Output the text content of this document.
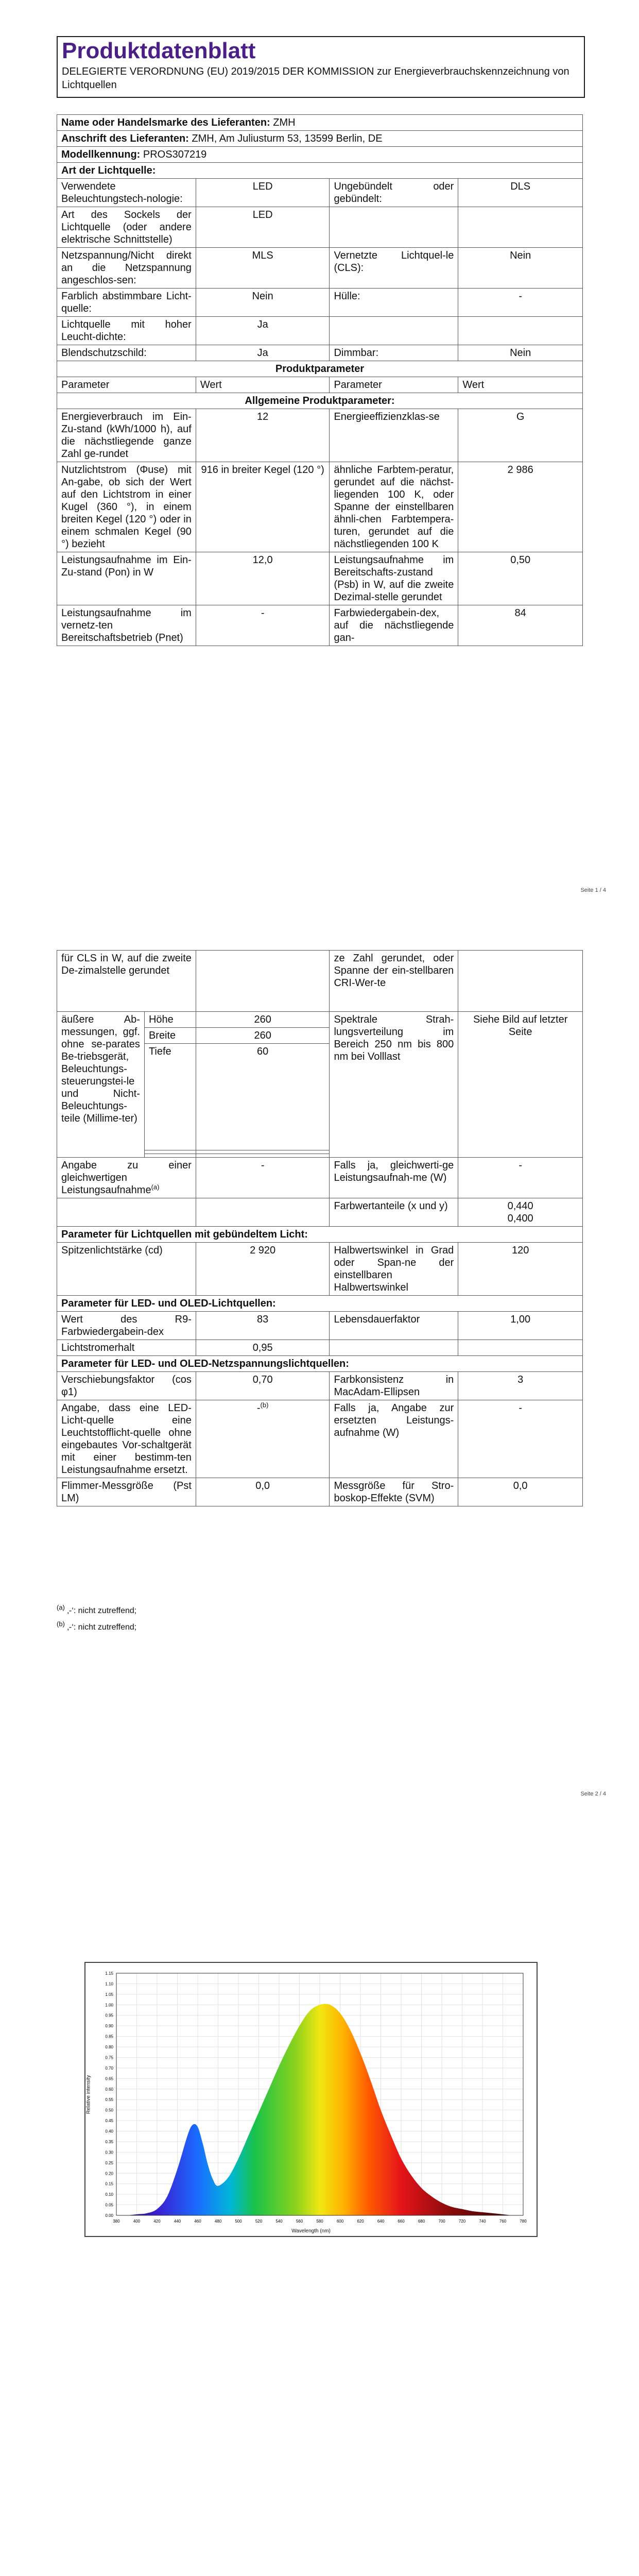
Produktdatenblatt
DELEGIERTE VERORDNUNG (EU) 2019/2015 DER KOMMISSION zur Energieverbrauchskennzeichnung von Lichtquellen
Name oder Handelsmarke des Lieferanten: ZMH
Anschrift des Lieferanten: ZMH, Am Juliusturm 53, 13599 Berlin, DE
Modellkennung: PROS307219
Art der Lichtquelle:
Verwendete Beleuchtungstech-nologie:	LED	Ungebündelt oder gebündelt:	DLS
Art des Sockels der Lichtquelle (oder andere elektrische Schnittstelle)	LED		
Netzspannung/Nicht direkt an die Netzspannung angeschlos-sen:	MLS	Vernetzte Lichtquel-le (CLS):	Nein
Farblich abstimmbare Licht-quelle:	Nein	Hülle:	-
Lichtquelle mit hoher Leucht-dichte:	Ja		
Blendschutzschild:	Ja	Dimmbar:	Nein
Produktparameter			
Parameter	Wert	Parameter	Wert
Allgemeine Produktparameter:			
Energieverbrauch im Ein-Zu-stand (kWh/1000 h), auf die nächstliegende ganze Zahl ge-rundet	12	Energieeffizienzklas-se	G
Nutzlichtstrom (Φuse) mit An-gabe, ob sich der Wert auf den Lichtstrom in einer Kugel (360 °), in einem breiten Kegel (120 °) oder in einem schmalen Kegel (90 °) bezieht	916 in breiter Kegel (120 °)	ähnliche Farbtem-peratur, gerundet auf die nächst-liegenden 100 K, oder Spanne der einstellbaren ähnli-chen Farbtempera-turen, gerundet auf die nächstliegenden 100 K	2 986
Leistungsaufnahme im Ein-Zu-stand (Pon) in W	12,0	Leistungsaufnahme im Bereitschafts-zustand (Psb) in W, auf die zweite Dezimal-stelle gerundet	0,50
Leistungsaufnahme im vernetz-ten Bereitschaftsbetrieb (Pnet)	-	Farbwiedergabein-dex, auf die nächstliegende gan-	84
Seite 1 / 4
für CLS in W, auf die zweite De-zimalstelle gerundet			ze Zahl gerundet, oder Spanne der ein-stellbaren CRI-Wer-te	
äußere Ab-messungen, ggf. ohne se-parates Be-triebsgerät, Beleuchtungs-steuerungstei-le und Nicht-Beleuchtungs-teile (Millime-ter)	Höhe	260	Spektrale Strah-lungsverteilung im Bereich 250 nm bis 800 nm bei Volllast	Siehe Bild auf letzter Seite
	Breite	260		
	Tiefe	60		

Angabe zu einer gleichwertigen Leistungsaufnahme$^{(a)}$		-	Falls ja, gleichwerti-ge Leistungsaufnah-me (W)	-
			Farbwertanteile (x und y)	0,440
0,400

Parameter für Lichtquellen mit gebündeltem Licht:				
Spitzenlichtstärke (cd)		2 920	Halbwertswinkel in Grad oder Span-ne der einstellbaren Halbwertswinkel	120
Parameter für LED- und OLED-Lichtquellen:				
Wert des R9-Farbwiedergabein-dex		83	Lebensdauerfaktor	1,00
Lichtstromerhalt		0,95		
Parameter für LED- und OLED-Netzspannungslichtquellen:				
Verschiebungsfaktor (cos φ1)		0,70	Farbkonsistenz in MacAdam-Ellipsen	3
Angabe, dass eine LED-Licht-quelle eine Leuchtstofflicht-quelle ohne eingebautes Vor-schaltgerät mit einer bestimm-ten Leistungsaufnahme ersetzt.		-$^{(b)}$	Falls ja, Angabe zur ersetzten Leistungs-aufnahme (W)	-
Flimmer-Messgröße (Pst LM)		0,0	Messgröße für Stro-boskop-Effekte (SVM)	0,0
$^{(a)}$ ‚-‘: nicht zutreffend;
$^{(b)}$ ‚-‘: nicht zutreffend;
Seite 2 / 4
0.00
0.05
0.10
0.15
0.20
0.25
0.30
0.35
0.40
0.45
0.50
0.55
0.60
0.65
0.70
0.75
0.80
0.85
0.90
0.95
1.00
1.05
1.10
1.15
380	400	420	440	460	480	500	520	540	560	580	600	620	640	660	680	700	720	740	760	780
Wavelength (nm)
Relative intensity
